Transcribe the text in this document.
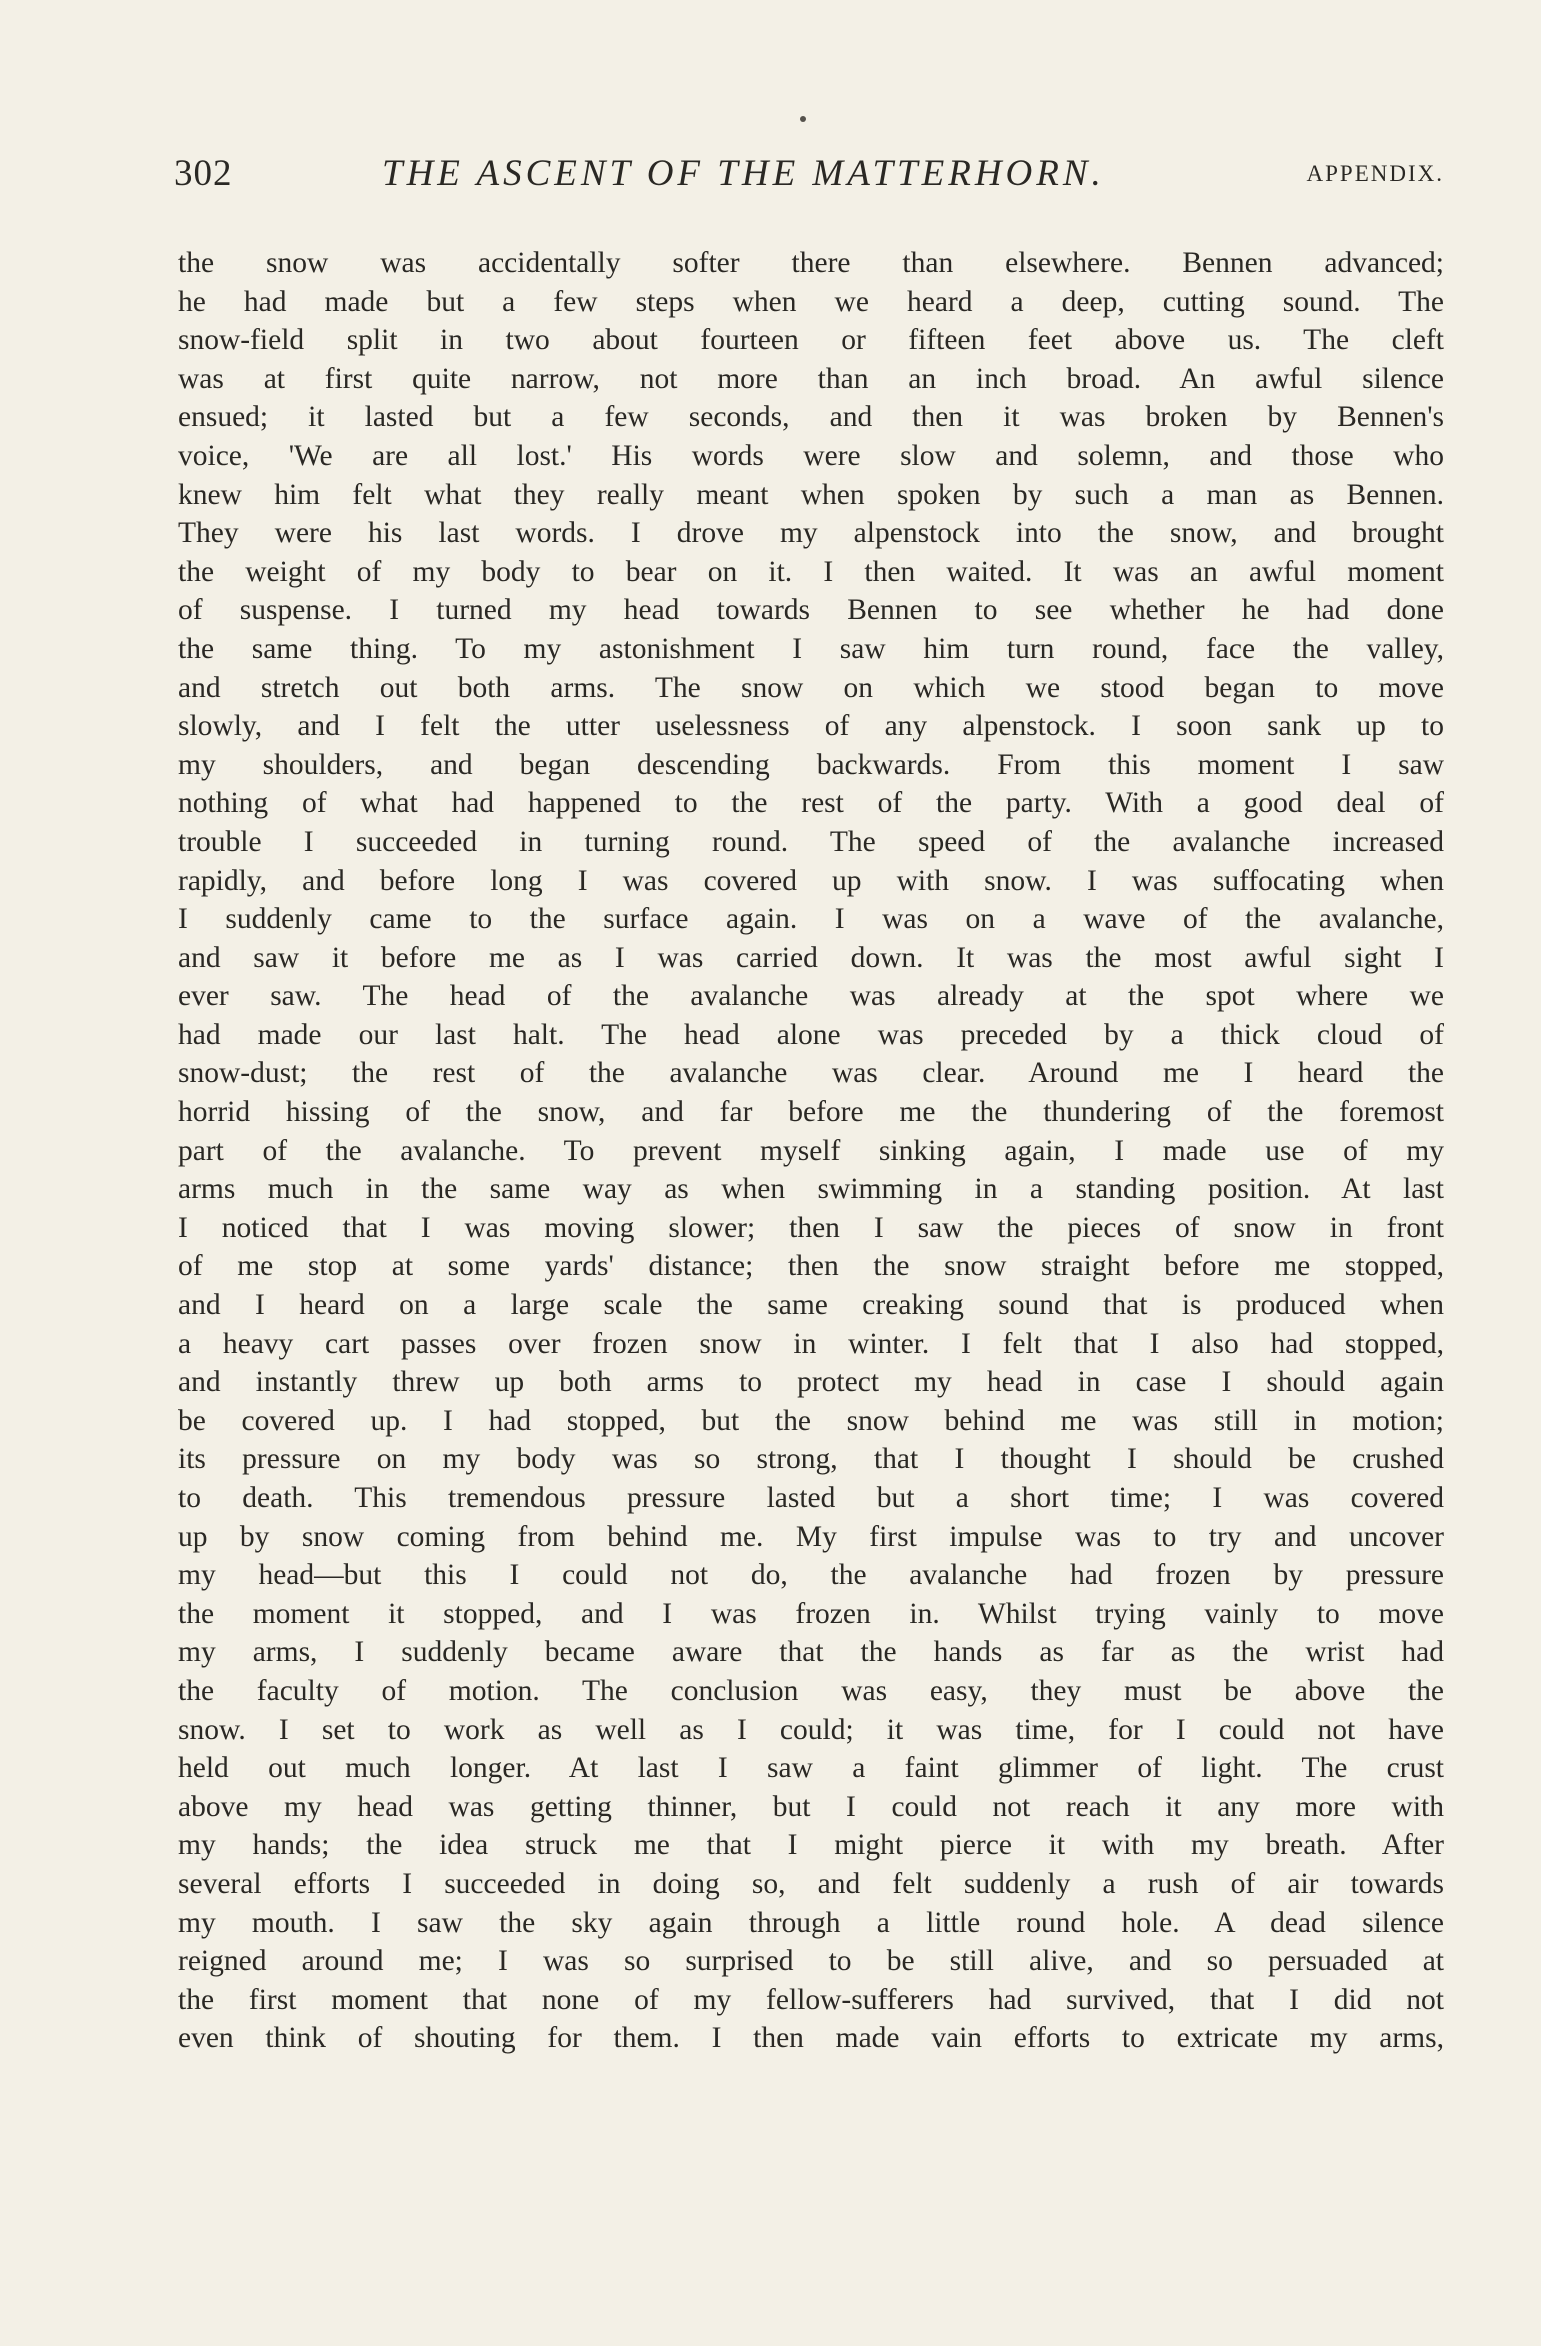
302	THE ASCENT OF THE MATTERHORN.	APPENDIX.
the snow was accidentally softer there than elsewhere. Bennen advanced;
he had made but a few steps when we heard a deep, cutting sound. The
snow-field split in two about fourteen or fifteen feet above us. The cleft
was at first quite narrow, not more than an inch broad. An awful silence
ensued; it lasted but a few seconds, and then it was broken by Bennen's
voice, 'We are all lost.' His words were slow and solemn, and those who
knew him felt what they really meant when spoken by such a man as Bennen.
They were his last words. I drove my alpenstock into the snow, and brought
the weight of my body to bear on it. I then waited. It was an awful moment
of suspense. I turned my head towards Bennen to see whether he had done
the same thing. To my astonishment I saw him turn round, face the valley,
and stretch out both arms. The snow on which we stood began to move
slowly, and I felt the utter uselessness of any alpenstock. I soon sank up to
my shoulders, and began descending backwards. From this moment I saw
nothing of what had happened to the rest of the party. With a good deal of
trouble I succeeded in turning round. The speed of the avalanche increased
rapidly, and before long I was covered up with snow. I was suffocating when
I suddenly came to the surface again. I was on a wave of the avalanche,
and saw it before me as I was carried down. It was the most awful sight I
ever saw. The head of the avalanche was already at the spot where we
had made our last halt. The head alone was preceded by a thick cloud of
snow-dust; the rest of the avalanche was clear. Around me I heard the
horrid hissing of the snow, and far before me the thundering of the foremost
part of the avalanche. To prevent myself sinking again, I made use of my
arms much in the same way as when swimming in a standing position. At last
I noticed that I was moving slower; then I saw the pieces of snow in front
of me stop at some yards' distance; then the snow straight before me stopped,
and I heard on a large scale the same creaking sound that is produced when
a heavy cart passes over frozen snow in winter. I felt that I also had stopped,
and instantly threw up both arms to protect my head in case I should again
be covered up. I had stopped, but the snow behind me was still in motion;
its pressure on my body was so strong, that I thought I should be crushed
to death. This tremendous pressure lasted but a short time; I was covered
up by snow coming from behind me. My first impulse was to try and uncover
my head—but this I could not do, the avalanche had frozen by pressure
the moment it stopped, and I was frozen in. Whilst trying vainly to move
my arms, I suddenly became aware that the hands as far as the wrist had
the faculty of motion. The conclusion was easy, they must be above the
snow. I set to work as well as I could; it was time, for I could not have
held out much longer. At last I saw a faint glimmer of light. The crust
above my head was getting thinner, but I could not reach it any more with
my hands; the idea struck me that I might pierce it with my breath. After
several efforts I succeeded in doing so, and felt suddenly a rush of air towards
my mouth. I saw the sky again through a little round hole. A dead silence
reigned around me; I was so surprised to be still alive, and so persuaded at
the first moment that none of my fellow-sufferers had survived, that I did not
even think of shouting for them. I then made vain efforts to extricate my arms,
